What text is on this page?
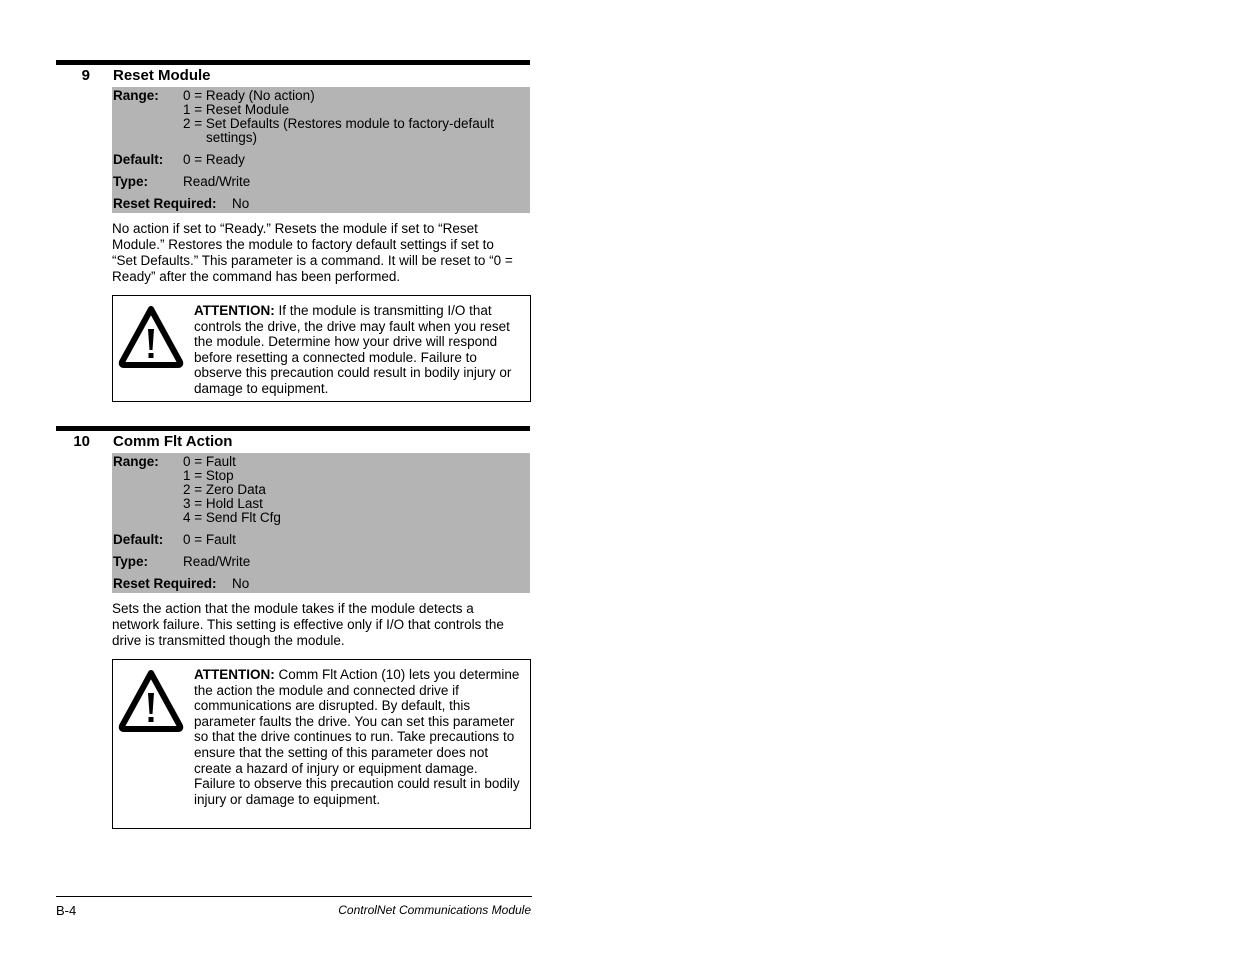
9 Reset Module
Range:	0 = Ready (No action)
1 = Reset Module
2 = Set Defaults (Restores module to factory-default
settings)
Default:	0 = Ready
Type:	Read/Write
Reset Required:	No
No action if set to “Ready.” Resets the module if set to “Reset Module.” Restores the module to factory default settings if set to “Set Defaults.” This parameter is a command. It will be reset to “0 = Ready” after the command has been performed.
ATTENTION: If the module is transmitting I/O that controls the drive, the drive may fault when you reset the module. Determine how your drive will respond before resetting a connected module. Failure to observe this precaution could result in bodily injury or damage to equipment.
10 Comm Flt Action
Range:	0 = Fault
1 = Stop
2 = Zero Data
3 = Hold Last
4 = Send Flt Cfg
Default:	0 = Fault
Type:	Read/Write
Reset Required:	No
Sets the action that the module takes if the module detects a network failure. This setting is effective only if I/O that controls the drive is transmitted though the module.
ATTENTION: Comm Flt Action (10) lets you determine the action the module and connected drive if communications are disrupted. By default, this parameter faults the drive. You can set this parameter so that the drive continues to run. Take precautions to ensure that the setting of this parameter does not create a hazard of injury or equipment damage. Failure to observe this precaution could result in bodily injury or damage to equipment.
B-4	ControlNet Communications Module
